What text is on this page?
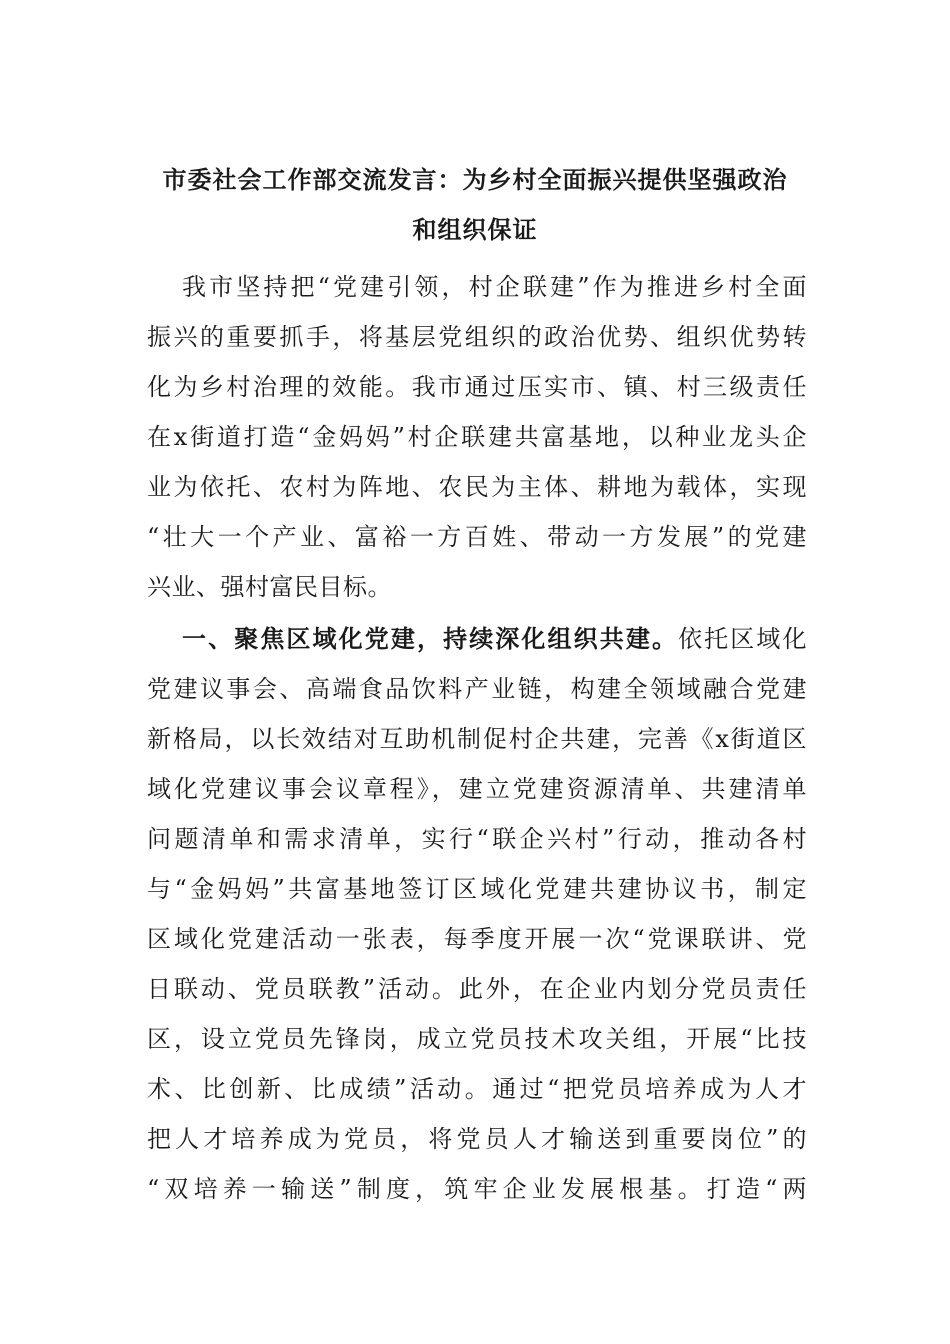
市委社会工作部交流发言：为乡村全面振兴提供坚强政治
和组织保证
我市坚持把“党建引领，村企联建”作为推进乡村全面
振兴的重要抓手，将基层党组织的政治优势、组织优势转
化为乡村治理的效能。我市通过压实市、镇、村三级责任
在x街道打造“金妈妈”村企联建共富基地，以种业龙头企
业为依托、农村为阵地、农民为主体、耕地为载体，实现
“壮大一个产业、富裕一方百姓、带动一方发展”的党建
兴业、强村富民目标。
一、聚焦区域化党建，持续深化组织共建。依托区域化
党建议事会、高端食品饮料产业链，构建全领域融合党建
新格局，以长效结对互助机制促村企共建，完善《x街道区
域化党建议事会议章程》，建立党建资源清单、共建清单
问题清单和需求清单，实行“联企兴村”行动，推动各村
与“金妈妈”共富基地签订区域化党建共建协议书，制定
区域化党建活动一张表，每季度开展一次“党课联讲、党
日联动、党员联教”活动。此外，在企业内划分党员责任
区，设立党员先锋岗，成立党员技术攻关组，开展“比技
术、比创新、比成绩”活动。通过“把党员培养成为人才
把人才培养成为党员，将党员人才输送到重要岗位”的
“双培养一输送”制度，筑牢企业发展根基。打造“两
